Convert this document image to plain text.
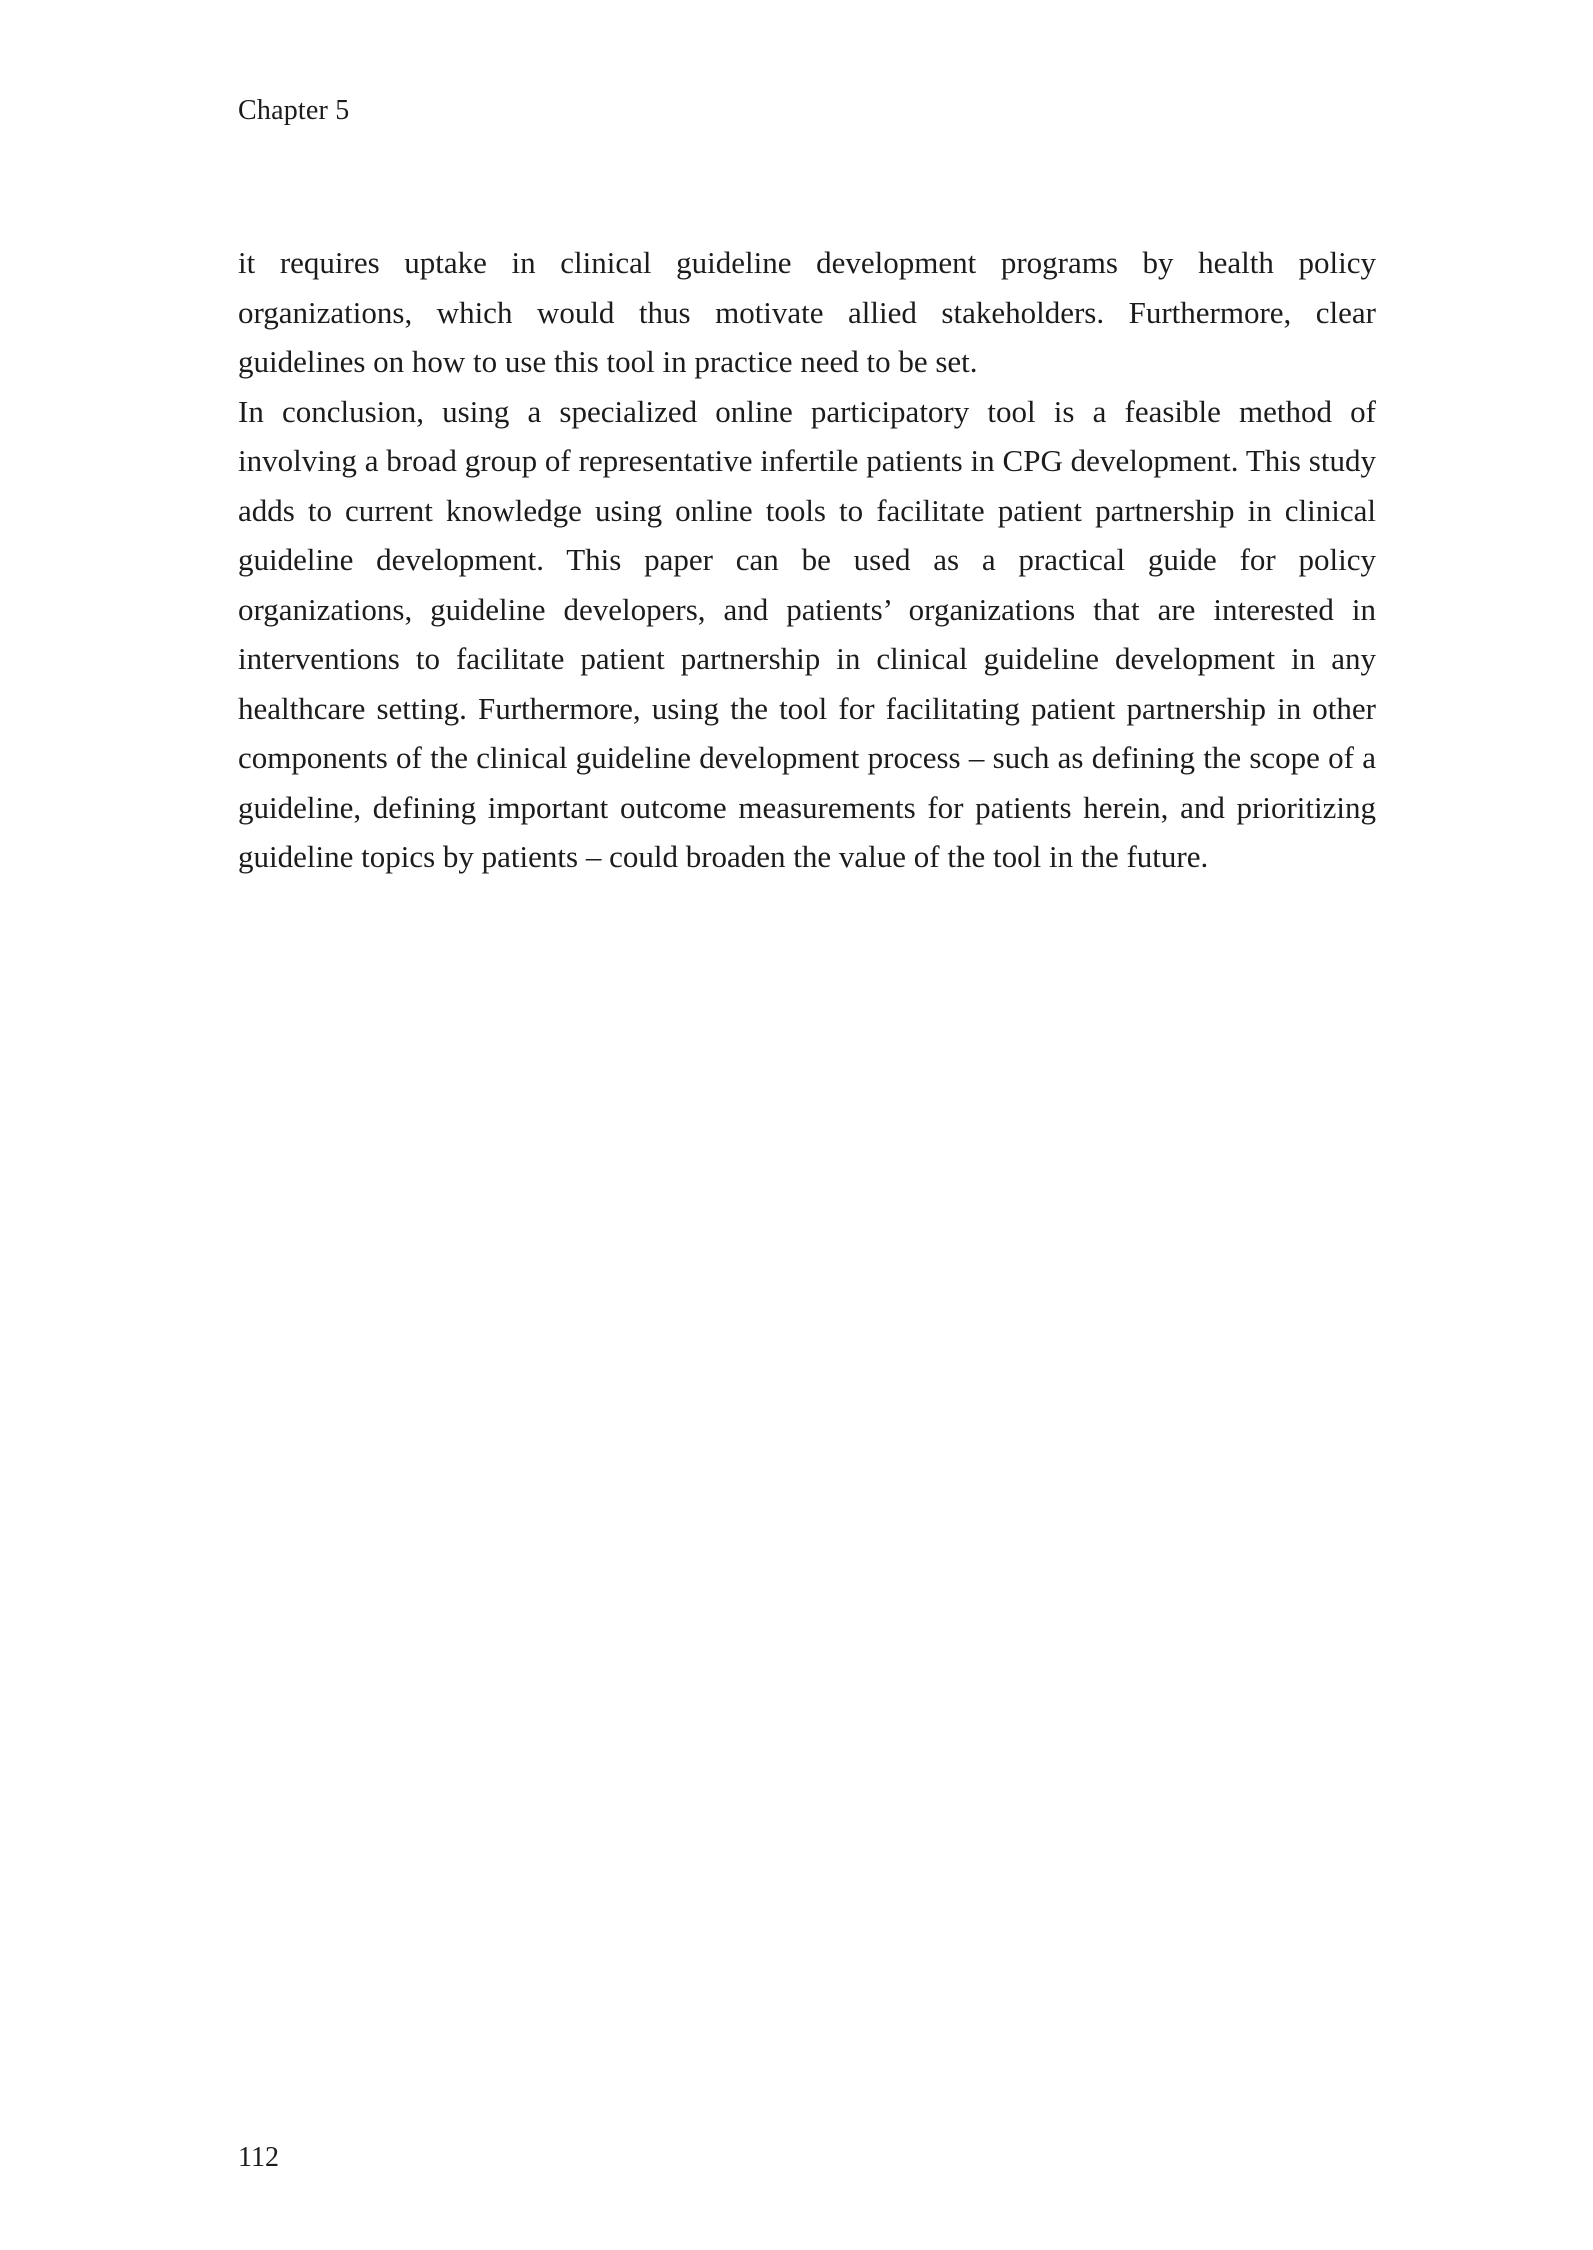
Chapter 5

it requires uptake in clinical guideline development programs by health policy organizations, which would thus motivate allied stakeholders. Furthermore, clear guidelines on how to use this tool in practice need to be set.

In conclusion, using a specialized online participatory tool is a feasible method of involving a broad group of representative infertile patients in CPG development. This study adds to current knowledge using online tools to facilitate patient partnership in clinical guideline development. This paper can be used as a practical guide for policy organizations, guideline developers, and patients’ organizations that are interested in interventions to facilitate patient partnership in clinical guideline development in any healthcare setting. Furthermore, using the tool for facilitating patient partnership in other components of the clinical guideline development process – such as defining the scope of a guideline, defining important outcome measurements for patients herein, and prioritizing guideline topics by patients – could broaden the value of the tool in the future.

112
